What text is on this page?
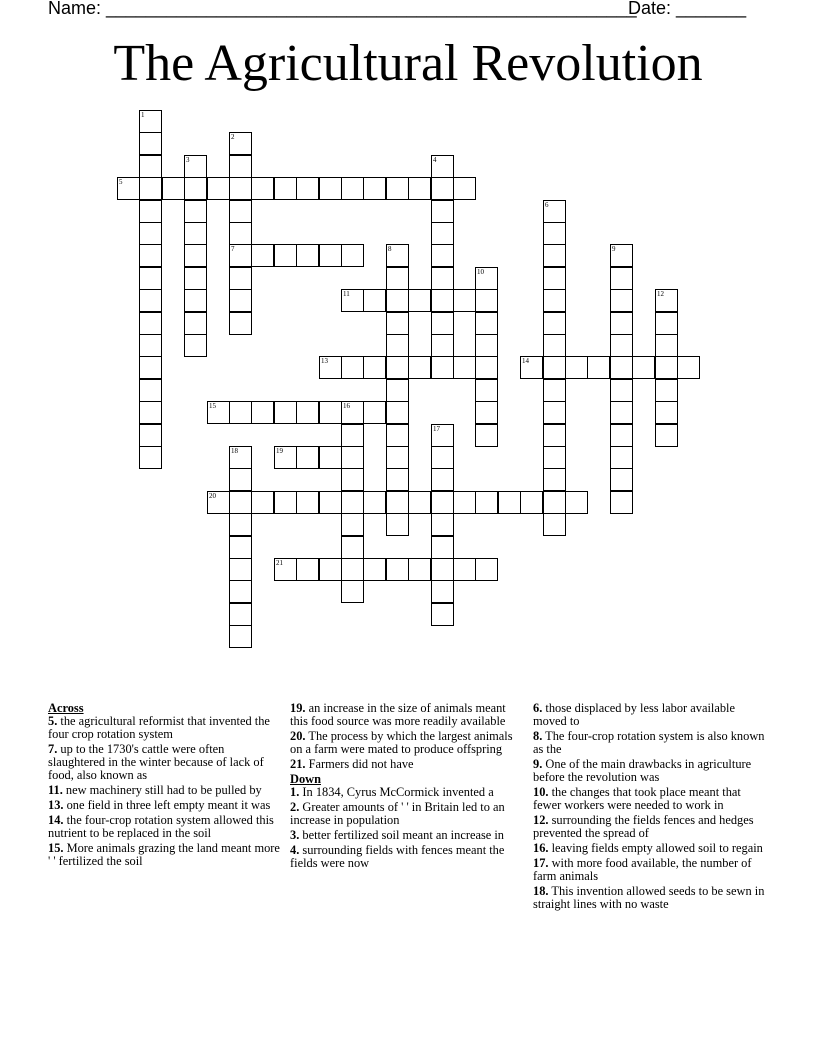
Name: _____________________________________________________
Date: _______
The Agricultural Revolution
1
2
3	4
5
6
7	8	9
10
11	12
13	14
15	16
17
18	19
20
21
Across
5. the agricultural reformist that invented the four crop rotation system
7. up to the 1730's cattle were often slaughtered in the winter because of lack of food, also known as
11. new machinery still had to be pulled by
13. one field in three left empty meant it was
14. the four-crop rotation system allowed this nutrient to be replaced in the soil
15. More animals grazing the land meant more ' ' fertilized the soil
19. an increase in the size of animals meant this food source was more readily available
20. The process by which the largest animals on a farm were mated to produce offspring
21. Farmers did not have
Down
1. In 1834, Cyrus McCormick invented a
2. Greater amounts of ' ' in Britain led to an increase in population
3. better fertilized soil meant an increase in
4. surrounding fields with fences meant the fields were now
6. those displaced by less labor available moved to
8. The four-crop rotation system is also known as the
9. One of the main drawbacks in agriculture before the revolution was
10. the changes that took place meant that fewer workers were needed to work in
12. surrounding the fields fences and hedges prevented the spread of
16. leaving fields empty allowed soil to regain
17. with more food available, the number of farm animals
18. This invention allowed seeds to be sewn in straight lines with no waste
